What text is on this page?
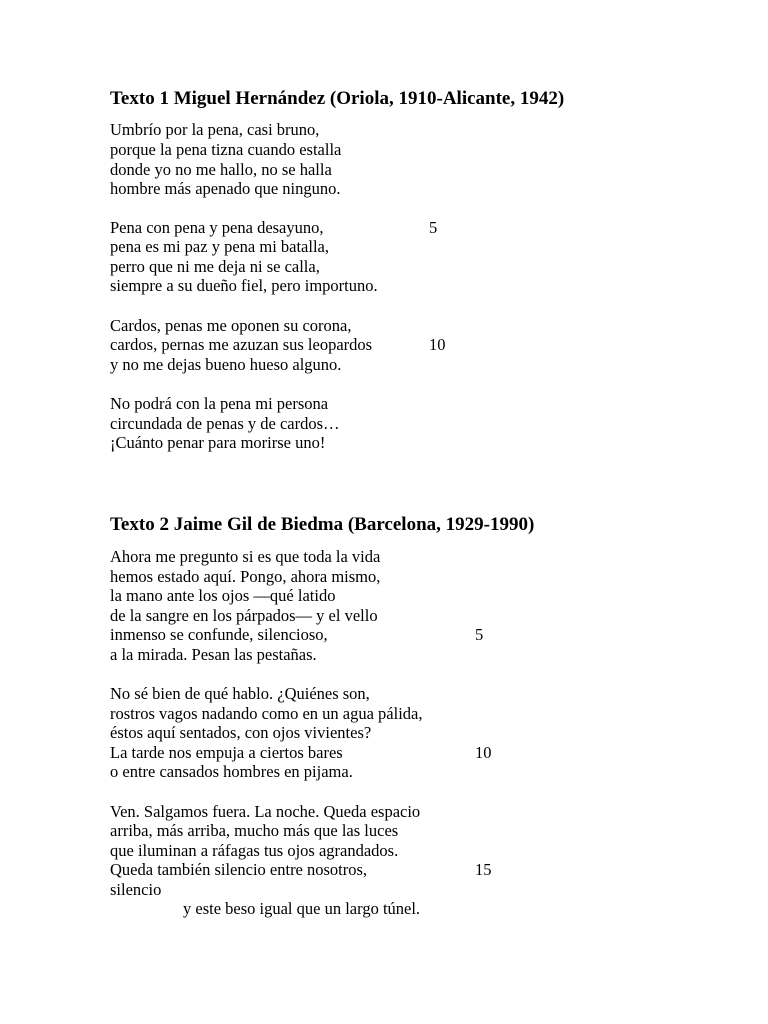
Texto 1 Miguel Hernández (Oriola, 1910-Alicante, 1942)
Umbrío por la pena, casi bruno,
porque la pena tizna cuando estalla
donde yo no me hallo, no se halla
hombre más apenado que ninguno.
Pena con pena y pena desayuno,	5
pena es mi paz y pena mi batalla,
perro que ni me deja ni se calla,
siempre a su dueño fiel, pero importuno.
Cardos, penas me oponen su corona,
cardos, pernas me azuzan sus leopardos	10
y no me dejas bueno hueso alguno.
No podrá con la pena mi persona
circundada de penas y de cardos…
¡Cuánto penar para morirse uno!
Texto 2 Jaime Gil de Biedma (Barcelona, 1929-1990)
Ahora me pregunto si es que toda la vida
hemos estado aquí. Pongo, ahora mismo,
la mano ante los ojos —qué latido
de la sangre en los párpados— y el vello
inmenso se confunde, silencioso,	5
a la mirada. Pesan las pestañas.
No sé bien de qué hablo. ¿Quiénes son,
rostros vagos nadando como en un agua pálida,
éstos aquí sentados, con ojos vivientes?
La tarde nos empuja a ciertos bares	10
o entre cansados hombres en pijama.
Ven. Salgamos fuera. La noche. Queda espacio
arriba, más arriba, mucho más que las luces
que iluminan a ráfagas tus ojos agrandados.
Queda también silencio entre nosotros,	15
silencio
y este beso igual que un largo túnel.
